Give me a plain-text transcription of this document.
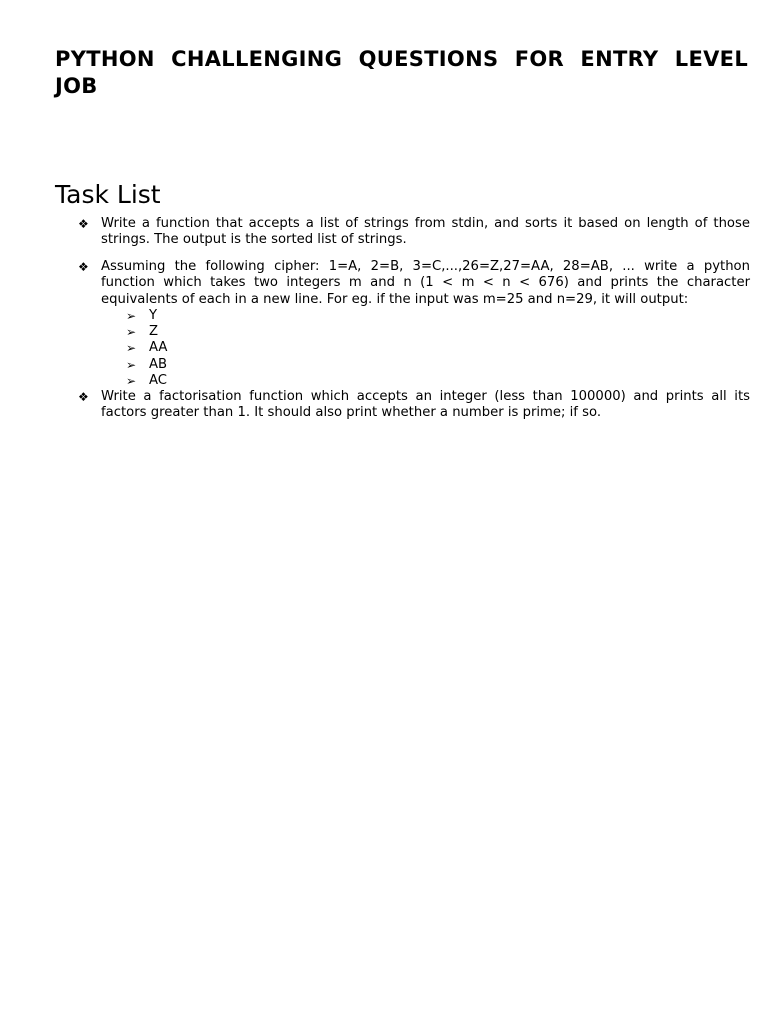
PYTHON CHALLENGING QUESTIONS FOR ENTRY LEVEL JOB
Task List
❖ Write a function that accepts a list of strings from stdin, and sorts it based on length of those strings. The output is the sorted list of strings.
❖ Assuming the following cipher: 1=A, 2=B, 3=C,...,26=Z,27=AA, 28=AB, ... write a python function which takes two integers m and n (1 < m < n < 676) and prints the character equivalents of each in a new line. For eg. if the input was m=25 and n=29, it will output:
➢ Y
➢ Z
➢ AA
➢ AB
➢ AC
❖ Write a factorisation function which accepts an integer (less than 100000) and prints all its factors greater than 1. It should also print whether a number is prime; if so.
